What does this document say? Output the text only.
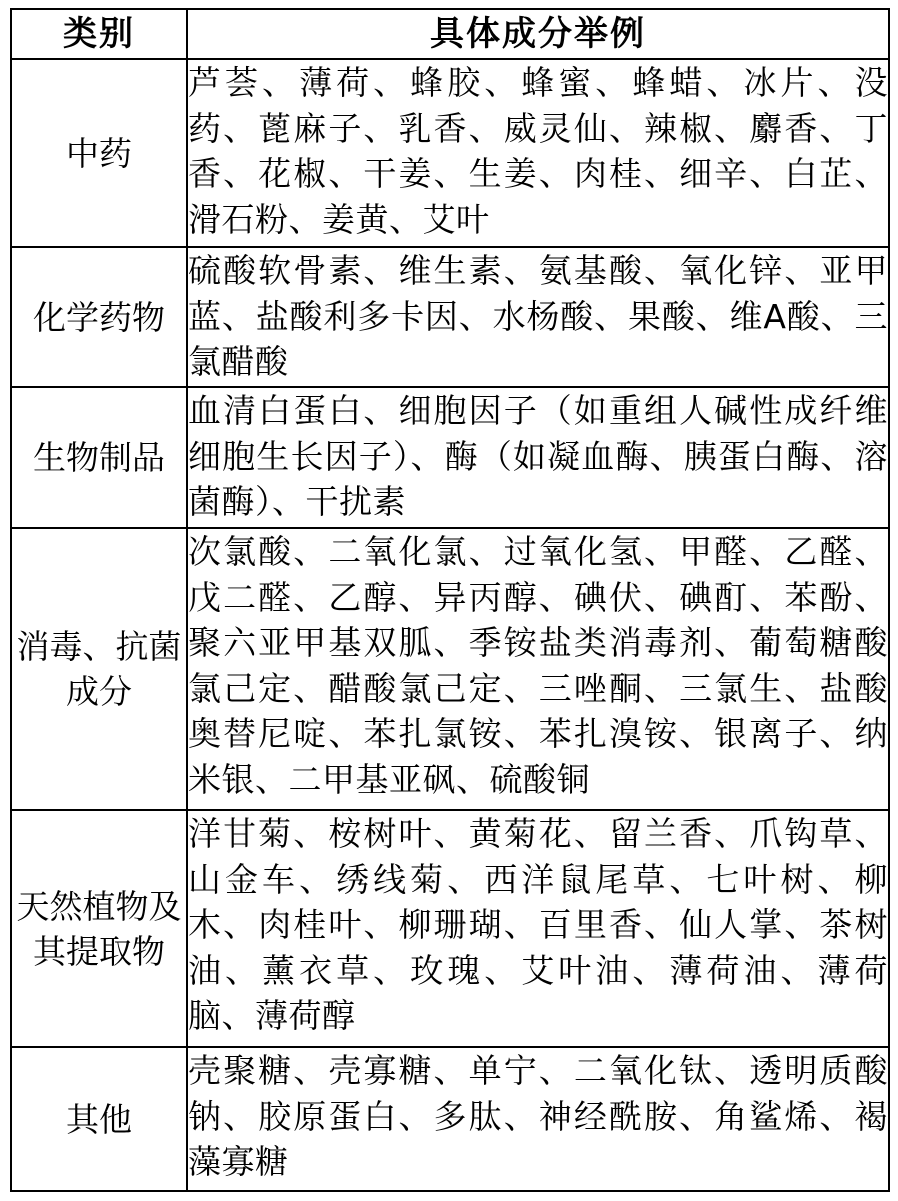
类别	具体成分举例
中药	芦荟、薄荷、蜂胶、蜂蜜、蜂蜡、冰片、没药、蓖麻子、乳香、威灵仙、辣椒、麝香、丁香、花椒、干姜、生姜、肉桂、细辛、白芷、滑石粉、姜黄、艾叶
化学药物	硫酸软骨素、维生素、氨基酸、氧化锌、亚甲蓝、盐酸利多卡因、水杨酸、果酸、维A酸、三氯醋酸
生物制品	血清白蛋白、细胞因子（如重组人碱性成纤维细胞生长因子）、酶（如凝血酶、胰蛋白酶、溶菌酶）、干扰素
消毒、抗菌成分	次氯酸、二氧化氯、过氧化氢、甲醛、乙醛、戊二醛、乙醇、异丙醇、碘伏、碘酊、苯酚、聚六亚甲基双胍、季铵盐类消毒剂、葡萄糖酸氯己定、醋酸氯己定、三唑酮、三氯生、盐酸奥替尼啶、苯扎氯铵、苯扎溴铵、银离子、纳米银、二甲基亚砜、硫酸铜
天然植物及其提取物	洋甘菊、桉树叶、黄菊花、留兰香、爪钩草、山金车、绣线菊、西洋鼠尾草、七叶树、柳木、肉桂叶、柳珊瑚、百里香、仙人掌、茶树油、薰衣草、玫瑰、艾叶油、薄荷油、薄荷脑、薄荷醇
其他	壳聚糖、壳寡糖、单宁、二氧化钛、透明质酸钠、胶原蛋白、多肽、神经酰胺、角鲨烯、褐藻寡糖
